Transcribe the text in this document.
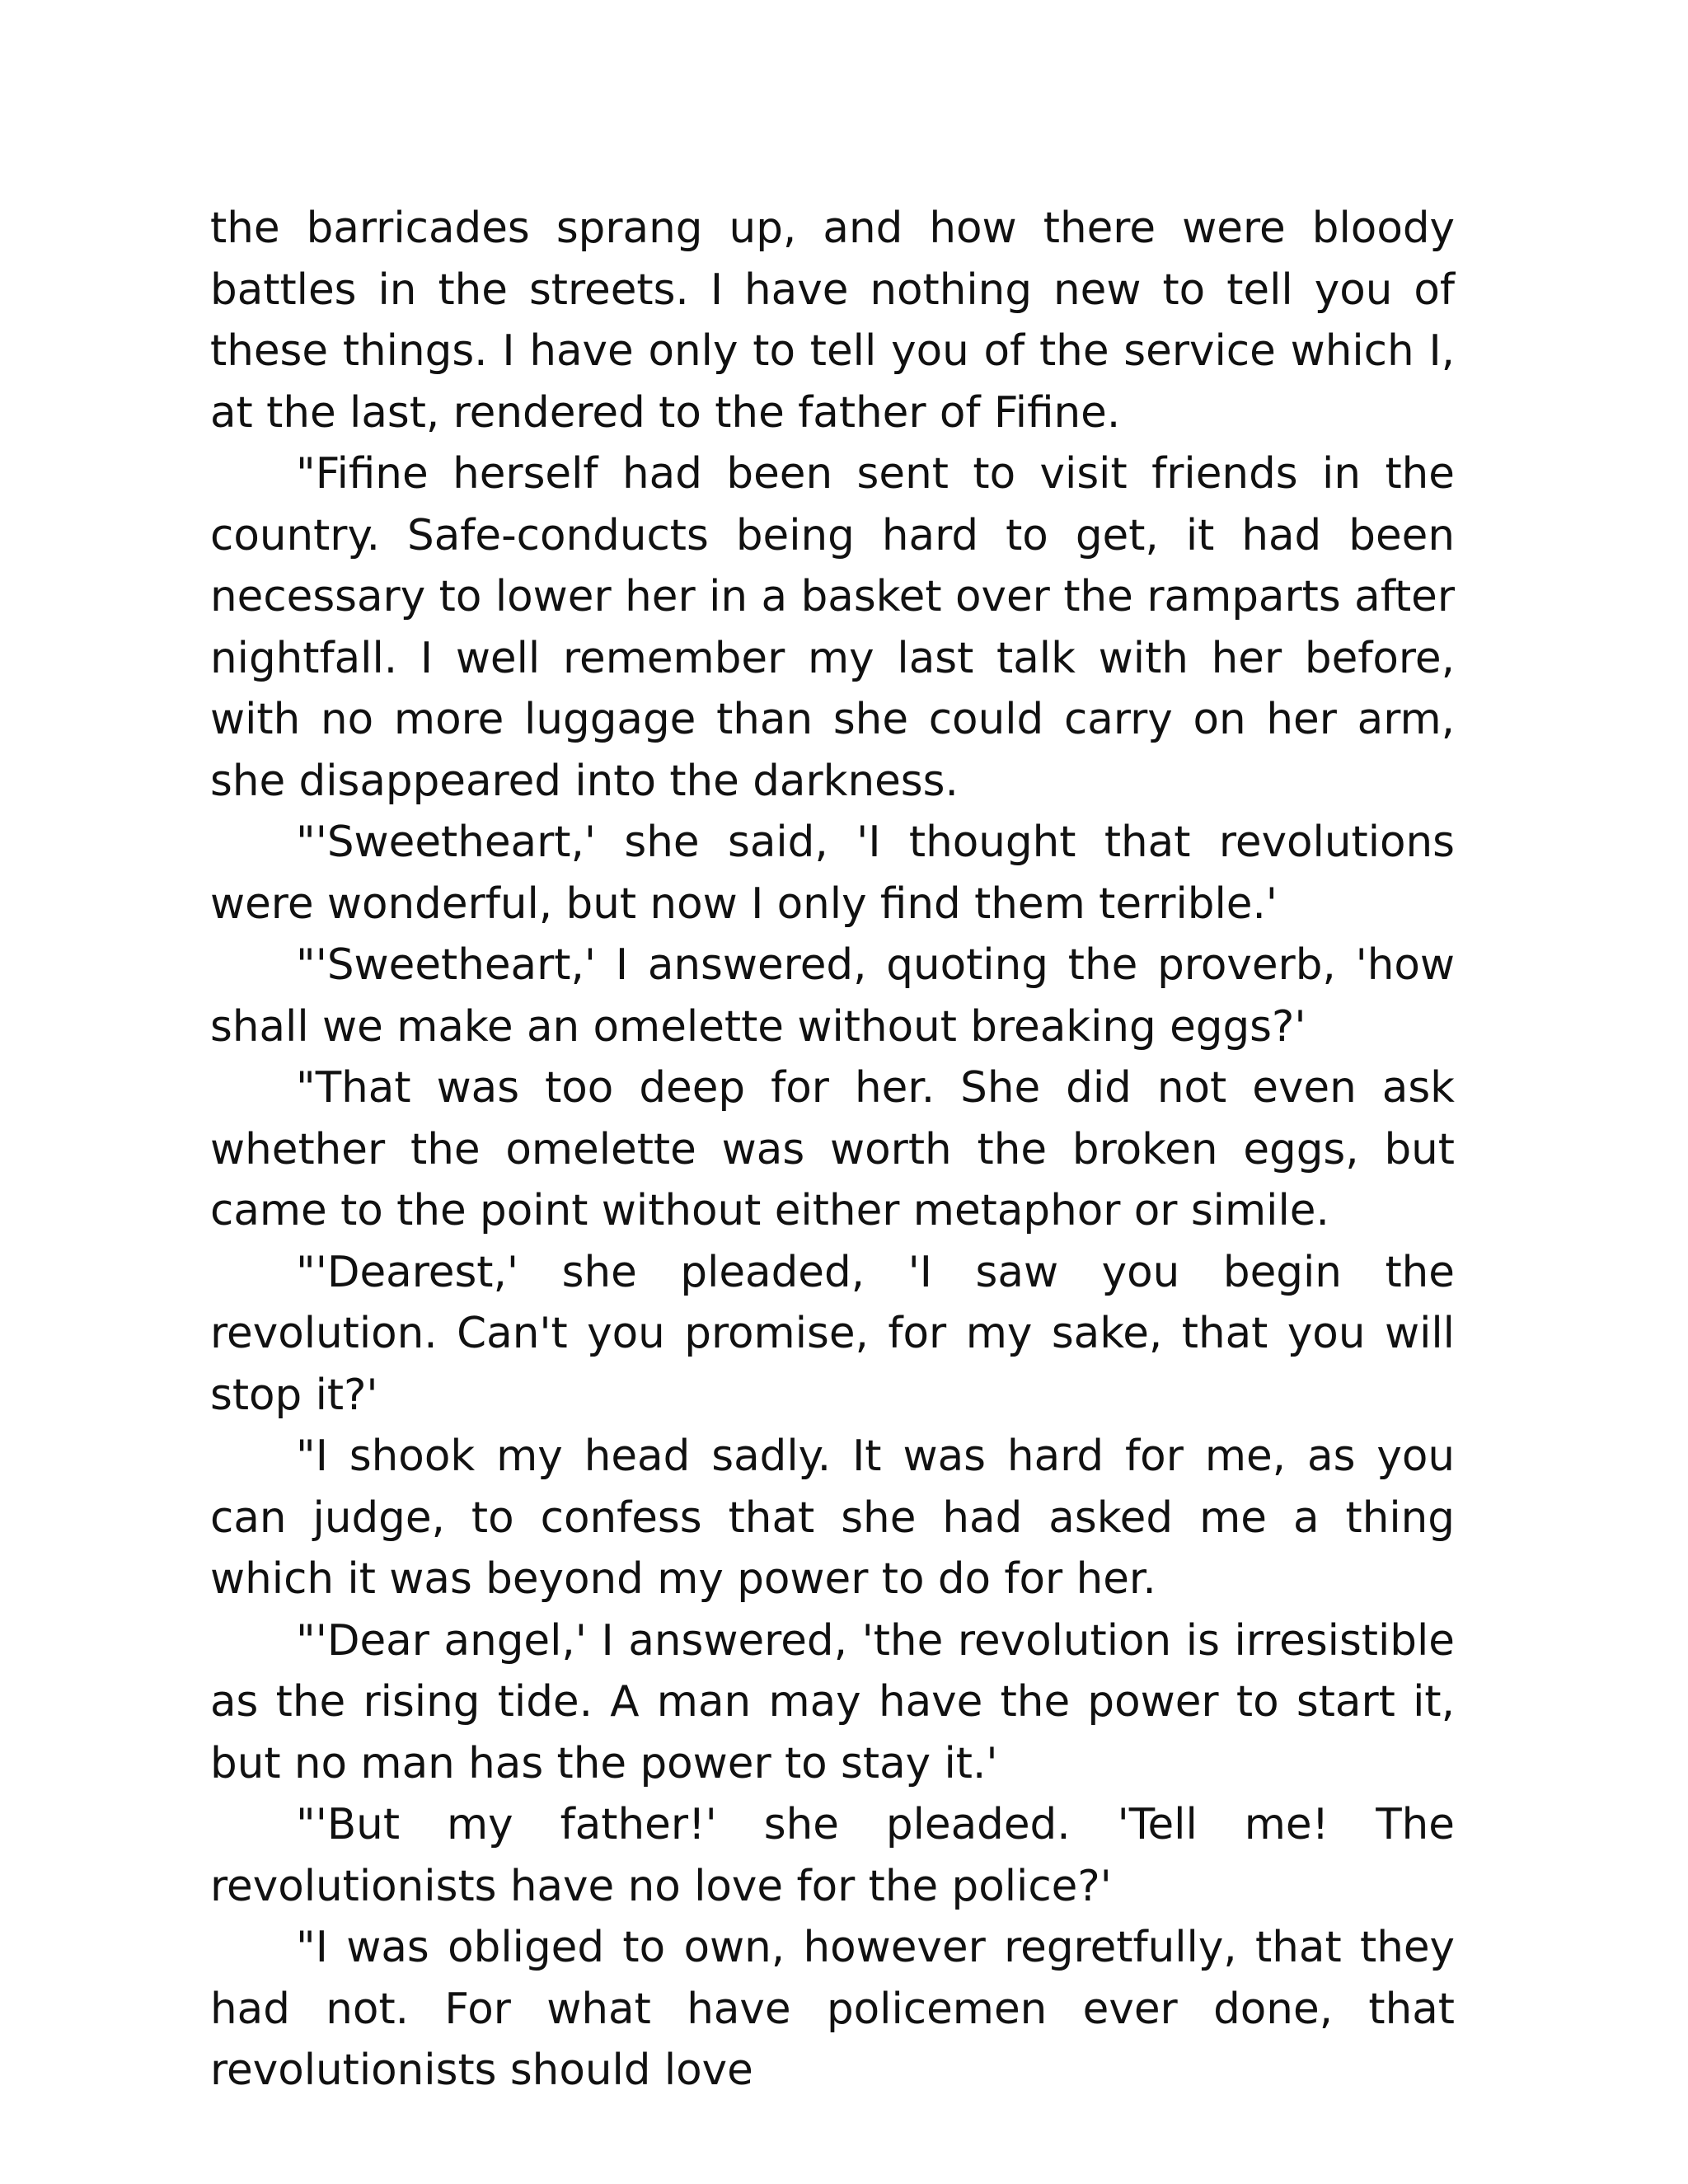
the barricades sprang up, and how there were bloody battles in the streets. I have nothing new to tell you of these things. I have only to tell you of the service which I, at the last, rendered to the father of Fifine.

"Fifine herself had been sent to visit friends in the country. Safe-conducts being hard to get, it had been necessary to lower her in a basket over the ramparts after nightfall. I well remember my last talk with her before, with no more luggage than she could carry on her arm, she disappeared into the darkness.

"'Sweetheart,' she said, 'I thought that revolutions were wonderful, but now I only find them terrible.'

"'Sweetheart,' I answered, quoting the proverb, 'how shall we make an omelette without breaking eggs?'

"That was too deep for her. She did not even ask whether the omelette was worth the broken eggs, but came to the point without either metaphor or simile.

"'Dearest,' she pleaded, 'I saw you begin the revolution. Can't you promise, for my sake, that you will stop it?'

"I shook my head sadly. It was hard for me, as you can judge, to confess that she had asked me a thing which it was beyond my power to do for her.

"'Dear angel,' I answered, 'the revolution is irresistible as the rising tide. A man may have the power to start it, but no man has the power to stay it.'

"'But my father!' she pleaded. 'Tell me! The revolutionists have no love for the police?'

"I was obliged to own, however regretfully, that they had not. For what have policemen ever done, that revolutionists should love
